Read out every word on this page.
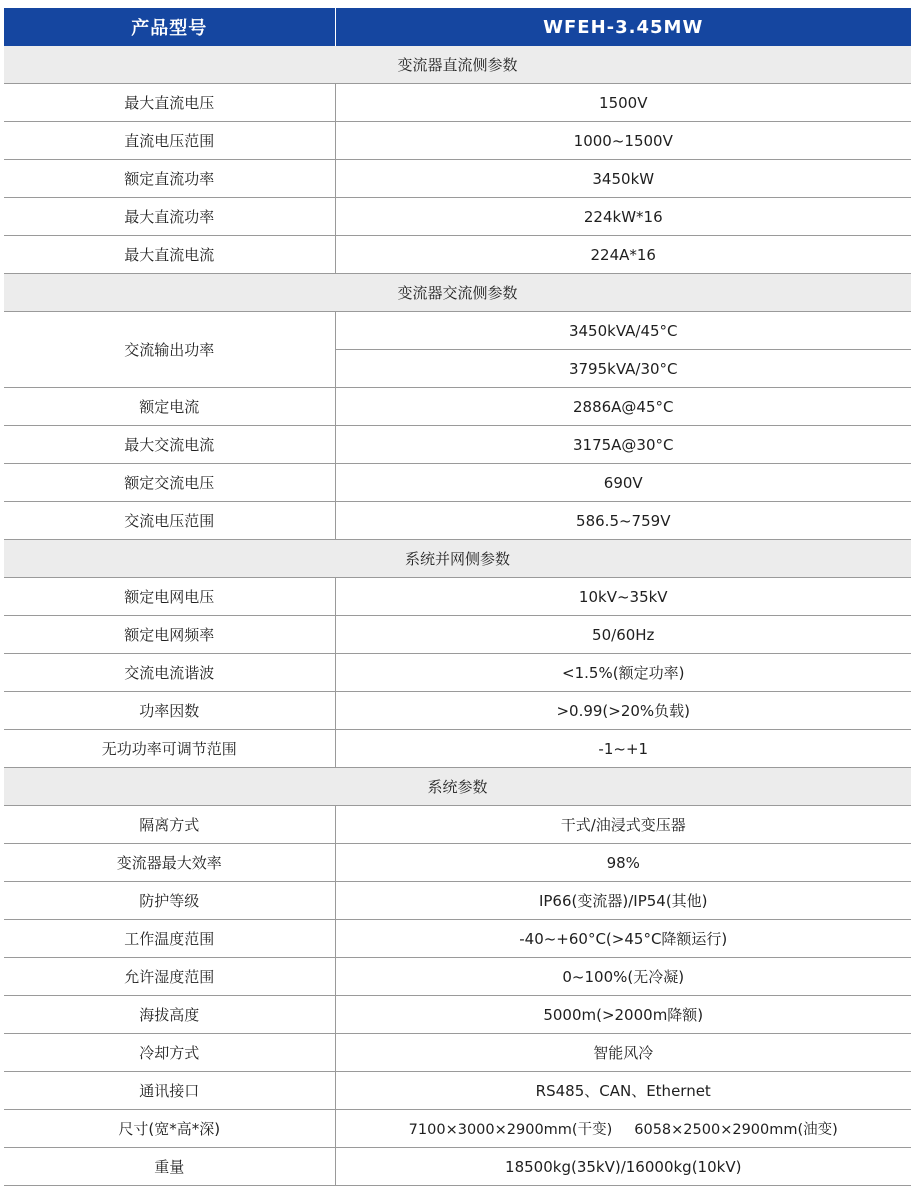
产品型号	WFEH-3.45MW
变流器直流侧参数	
最大直流电压	1500V
直流电压范围	1000~1500V
额定直流功率	3450kW
最大直流功率	224kW*16
最大直流电流	224A*16
变流器交流侧参数	
交流输出功率	3450kVA/45°C
	3795kVA/30°C
额定电流	2886A@45°C
最大交流电流	3175A@30°C
额定交流电压	690V
交流电压范围	586.5~759V
系统并网侧参数	
额定电网电压	10kV~35kV
额定电网频率	50/60Hz
交流电流谐波	<1.5%(额定功率)
功率因数	>0.99(>20%负载)
无功功率可调节范围	-1~+1
系统参数	
隔离方式	干式/油浸式变压器
变流器最大效率	98%
防护等级	IP66(变流器)/IP54(其他)
工作温度范围	-40~+60°C(>45°C降额运行)
允许湿度范围	0~100%(无冷凝)
海拔高度	5000m(>2000m降额)
冷却方式	智能风冷
通讯接口	RS485、CAN、Ethernet
尺寸(宽*高*深)	7100×3000×2900mm(干变) 6058×2500×2900mm(油变)
重量	18500kg(35kV)/16000kg(10kV)
